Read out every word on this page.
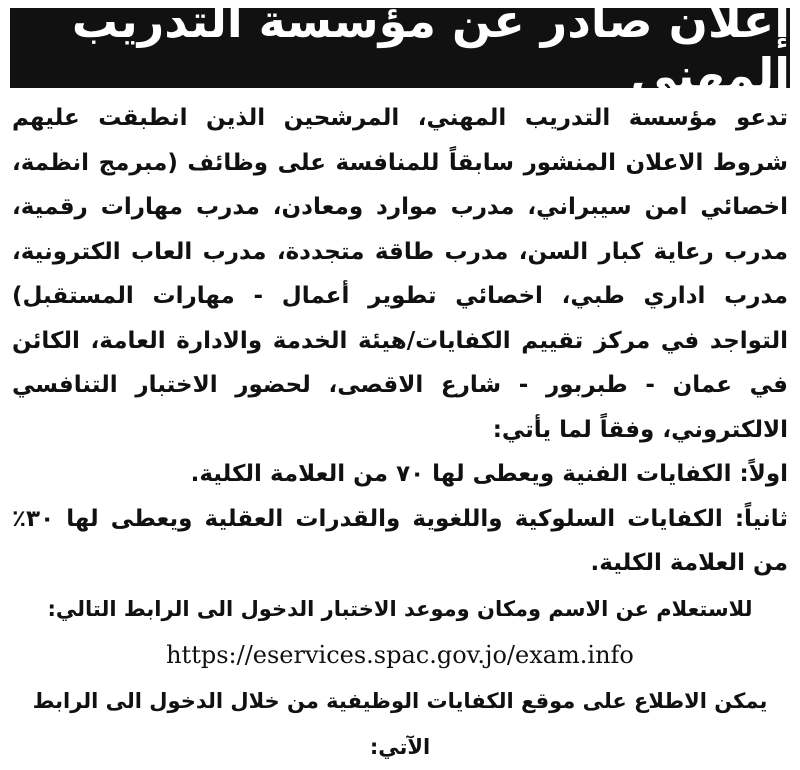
إعلان صادر عن مؤسسة التدريب المهني

تدعو مؤسسة التدريب المهني، المرشحين الذين انطبقت عليهم شروط الاعلان المنشور سابقاً للمنافسة على وظائف (مبرمج انظمة، اخصائي امن سيبراني، مدرب موارد ومعادن، مدرب مهارات رقمية، مدرب رعاية كبار السن، مدرب طاقة متجددة، مدرب العاب الكترونية، مدرب اداري طبي، اخصائي تطوير أعمال - مهارات المستقبل) التواجد في مركز تقييم الكفايات/هيئة الخدمة والادارة العامة، الكائن في عمان - طبربور - شارع الاقصى، لحضور الاختبار التنافسي الالكتروني، وفقاً لما يأتي:

اولاً: الكفايات الفنية ويعطى لها ٧٠ من العلامة الكلية.

ثانياً: الكفايات السلوكية واللغوية والقدرات العقلية ويعطى لها ٣٠٪ من العلامة الكلية.

للاستعلام عن الاسم ومكان وموعد الاختبار الدخول الى الرابط التالي:

https://eservices.spac.gov.jo/exam.info

يمكن الاطلاع على موقع الكفايات الوظيفية من خلال الدخول الى الرابط الآتي:
